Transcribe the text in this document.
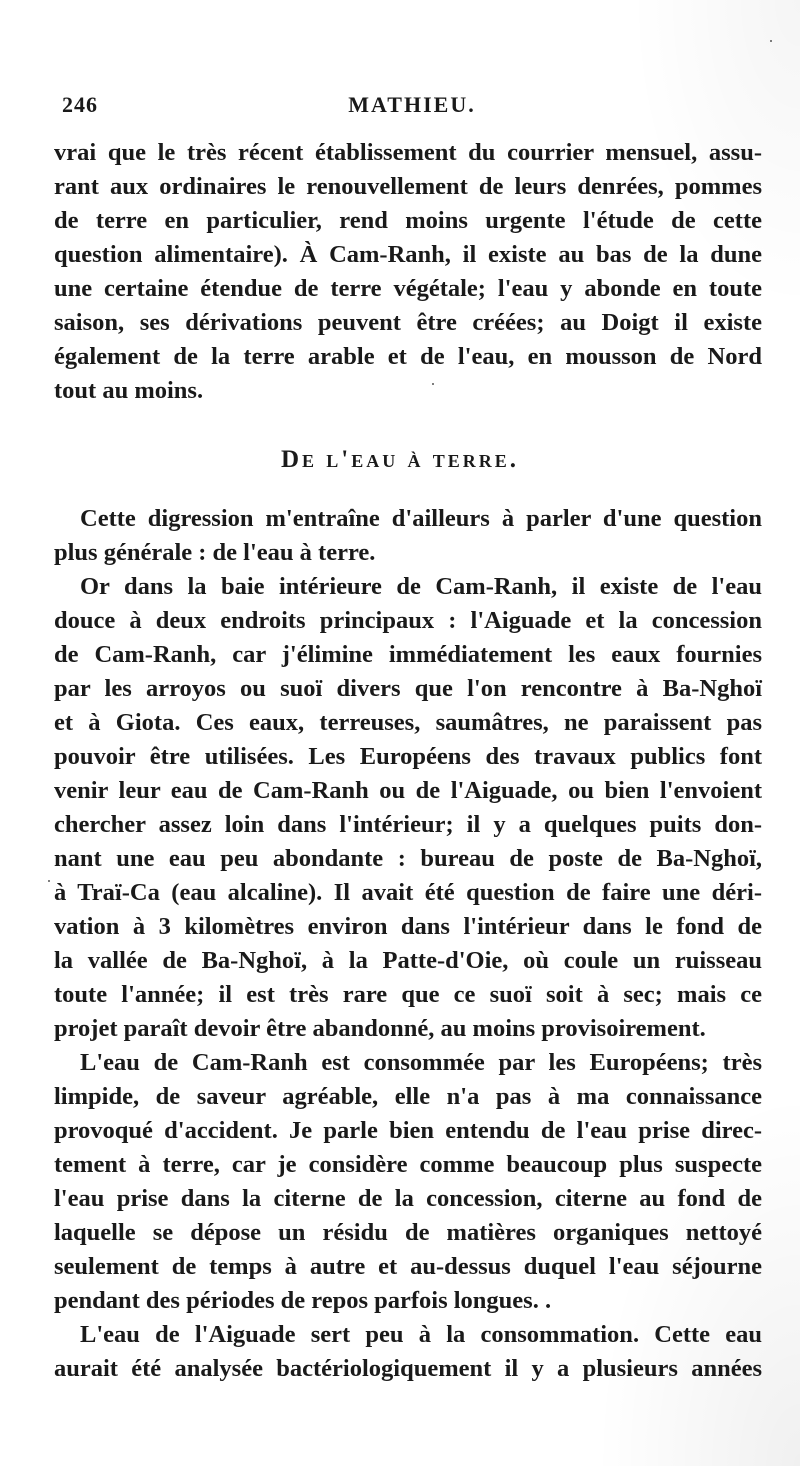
246	MATHIEU.
vrai que le très récent établissement du courrier mensuel, assu-
rant aux ordinaires le renouvellement de leurs denrées, pommes
de terre en particulier, rend moins urgente l'étude de cette
question alimentaire). À Cam-Ranh, il existe au bas de la dune
une certaine étendue de terre végétale; l'eau y abonde en toute
saison, ses dérivations peuvent être créées; au Doigt il existe
également de la terre arable et de l'eau, en mousson de Nord
tout au moins.
De l'eau à terre.
Cette digression m'entraîne d'ailleurs à parler d'une question
plus générale : de l'eau à terre.
Or dans la baie intérieure de Cam-Ranh, il existe de l'eau
douce à deux endroits principaux : l'Aiguade et la concession
de Cam-Ranh, car j'élimine immédiatement les eaux fournies
par les arroyos ou suoï divers que l'on rencontre à Ba-Nghoï
et à Giota. Ces eaux, terreuses, saumâtres, ne paraissent pas
pouvoir être utilisées. Les Européens des travaux publics font
venir leur eau de Cam-Ranh ou de l'Aiguade, ou bien l'envoient
chercher assez loin dans l'intérieur; il y a quelques puits don-
nant une eau peu abondante : bureau de poste de Ba-Nghoï,
à Traï-Ca (eau alcaline). Il avait été question de faire une déri-
vation à 3 kilomètres environ dans l'intérieur dans le fond de
la vallée de Ba-Nghoï, à la Patte-d'Oie, où coule un ruisseau
toute l'année; il est très rare que ce suoï soit à sec; mais ce
projet paraît devoir être abandonné, au moins provisoirement.
L'eau de Cam-Ranh est consommée par les Européens; très
limpide, de saveur agréable, elle n'a pas à ma connaissance
provoqué d'accident. Je parle bien entendu de l'eau prise direc-
tement à terre, car je considère comme beaucoup plus suspecte
l'eau prise dans la citerne de la concession, citerne au fond de
laquelle se dépose un résidu de matières organiques nettoyé
seulement de temps à autre et au-dessus duquel l'eau séjourne
pendant des périodes de repos parfois longues. .
L'eau de l'Aiguade sert peu à la consommation. Cette eau
aurait été analysée bactériologiquement il y a plusieurs années
